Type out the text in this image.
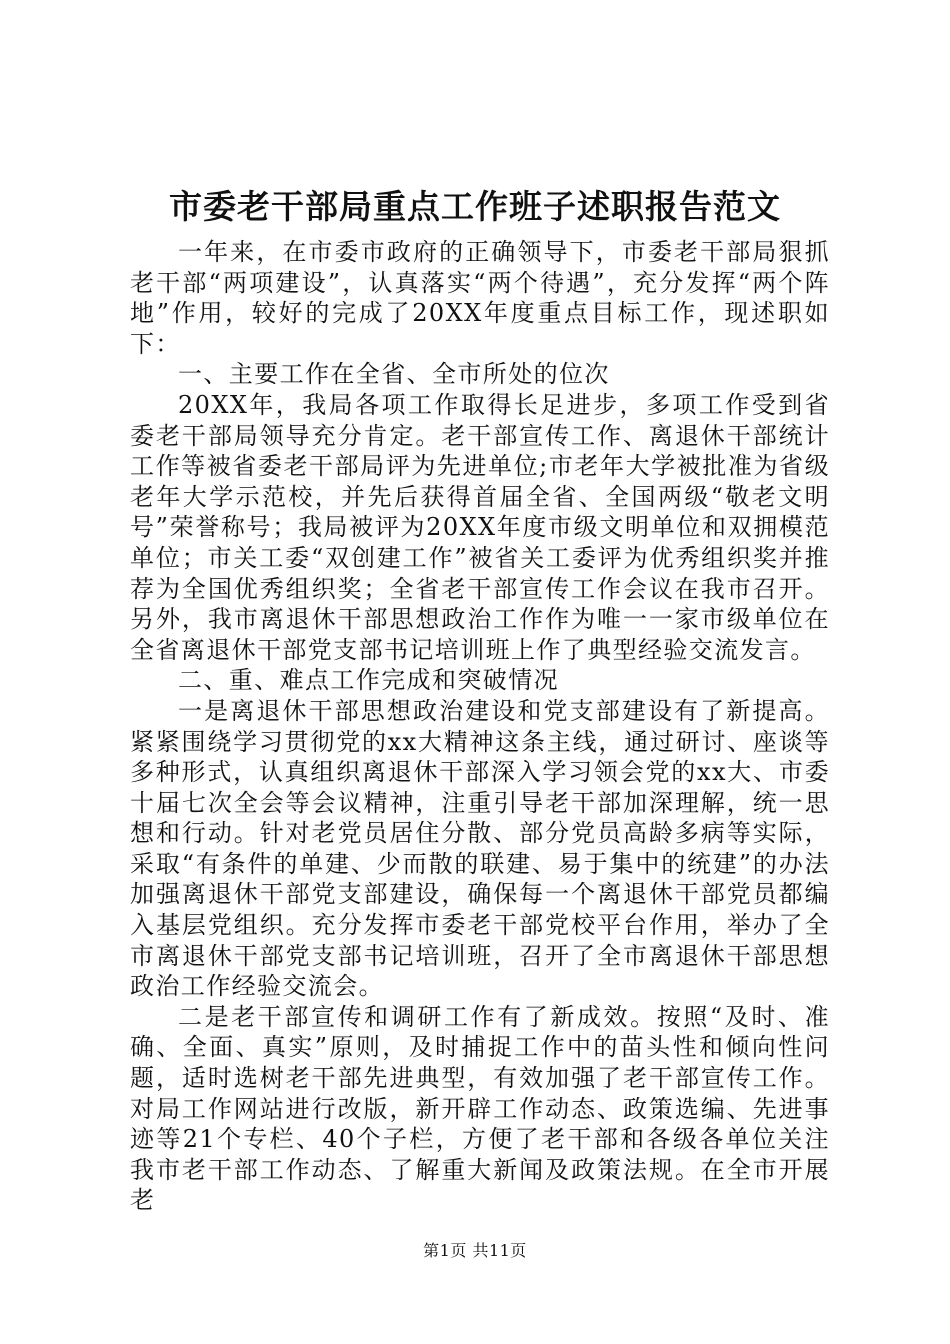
市委老干部局重点工作班子述职报告范文

一年来，在市委市政府的正确领导下，市委老干部局狠抓老干部“两项建设”，认真落实“两个待遇”，充分发挥“两个阵地”作用，较好的完成了20XX年度重点目标工作，现述职如下：

一、主要工作在全省、全市所处的位次

20XX年，我局各项工作取得长足进步，多项工作受到省委老干部局领导充分肯定。老干部宣传工作、离退休干部统计工作等被省委老干部局评为先进单位;市老年大学被批准为省级老年大学示范校，并先后获得首届全省、全国两级“敬老文明号”荣誉称号；我局被评为20XX年度市级文明单位和双拥模范单位；市关工委“双创建工作”被省关工委评为优秀组织奖并推荐为全国优秀组织奖；全省老干部宣传工作会议在我市召开。另外，我市离退休干部思想政治工作作为唯一一家市级单位在全省离退休干部党支部书记培训班上作了典型经验交流发言。

二、重、难点工作完成和突破情况

一是离退休干部思想政治建设和党支部建设有了新提高。紧紧围绕学习贯彻党的xx大精神这条主线，通过研讨、座谈等多种形式，认真组织离退休干部深入学习领会党的xx大、市委十届七次全会等会议精神，注重引导老干部加深理解，统一思想和行动。针对老党员居住分散、部分党员高龄多病等实际，采取“有条件的单建、少而散的联建、易于集中的统建”的办法加强离退休干部党支部建设，确保每一个离退休干部党员都编入基层党组织。充分发挥市委老干部党校平台作用，举办了全市离退休干部党支部书记培训班，召开了全市离退休干部思想政治工作经验交流会。

二是老干部宣传和调研工作有了新成效。按照“及时、准确、全面、真实”原则，及时捕捉工作中的苗头性和倾向性问题，适时选树老干部先进典型，有效加强了老干部宣传工作。对局工作网站进行改版，新开辟工作动态、政策选编、先进事迹等21个专栏、40个子栏，方便了老干部和各级各单位关注我市老干部工作动态、了解重大新闻及政策法规。在全市开展老

第1页 共11页
